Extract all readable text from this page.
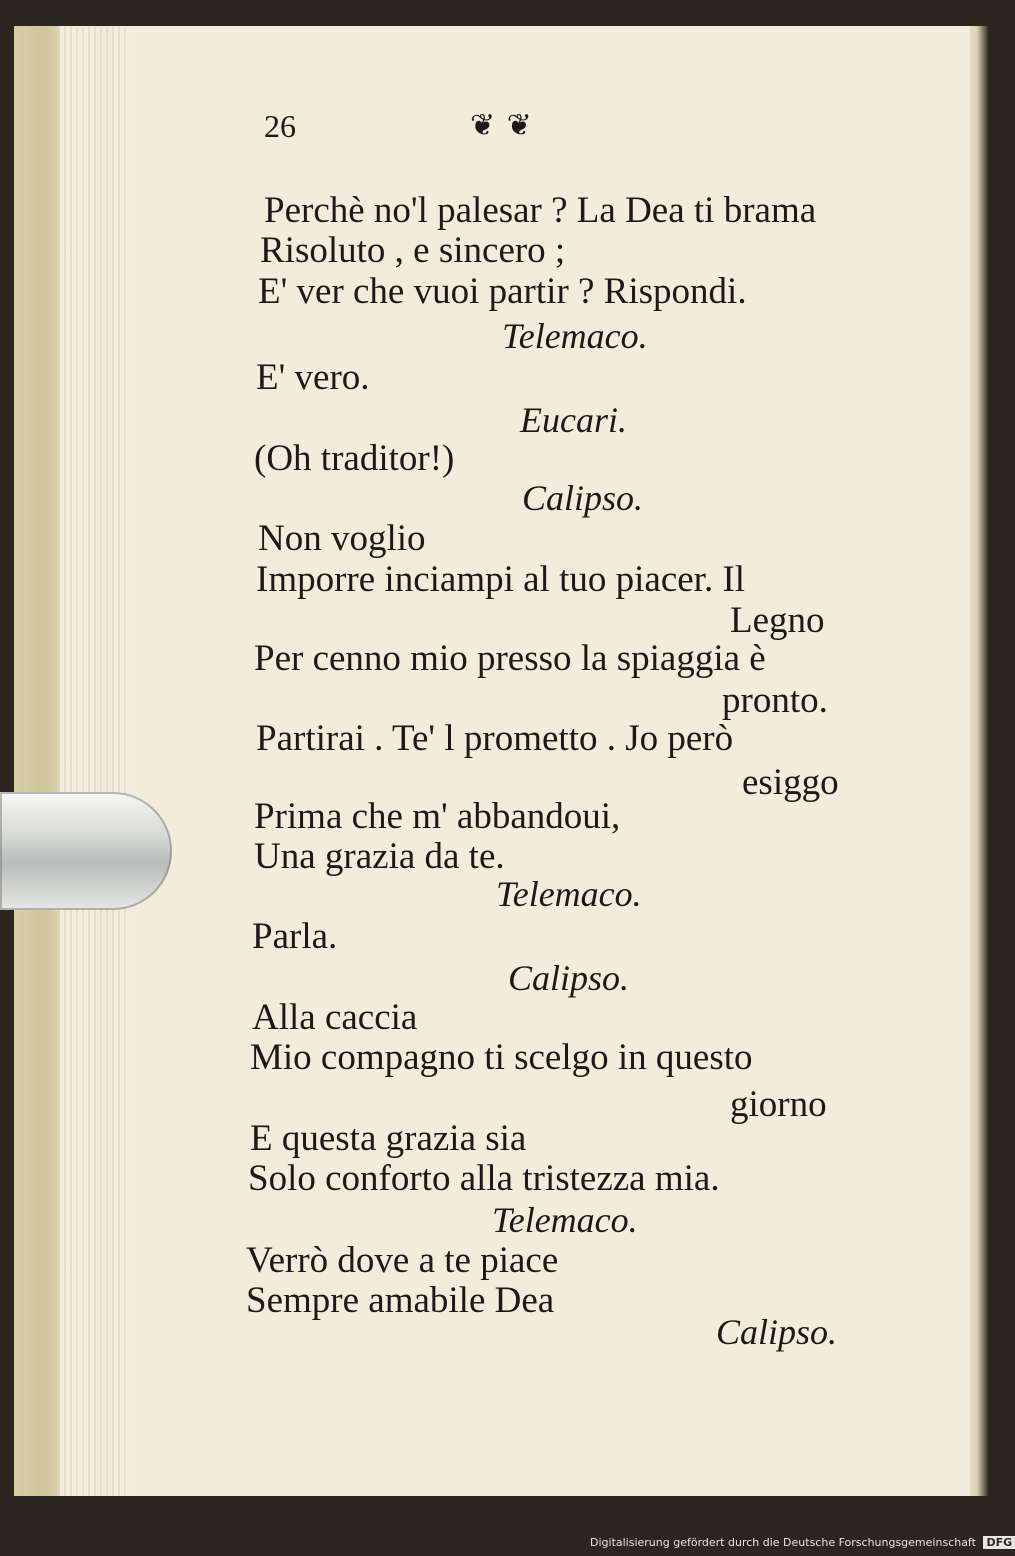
26	❦ ❦
Perchè no'l palesar ? La Dea ti brama
Risoluto , e sincero ;
E' ver che vuoi partir ? Rispondi.
Telemaco.
E' vero.
Eucari.
(Oh traditor!)
Calipso.
Non voglio
Imporre inciampi al tuo piacer. Il
Legno
Per cenno mio presso la spiaggia è
pronto.
Partirai . Te' l prometto . Jo però
esiggo
Prima che m' abbandoui,
Una grazia da te.
Telemaco.
Parla.
Calipso.
Alla caccia
Mio compagno ti scelgo in questo
giorno
E questa grazia sia
Solo conforto alla tristezza mia.
Telemaco.
Verrò dove a te piace
Sempre amabile Dea
Calipso.
Digitalisierung gefördert durch die Deutsche Forschungsgemeinschaft DFG
